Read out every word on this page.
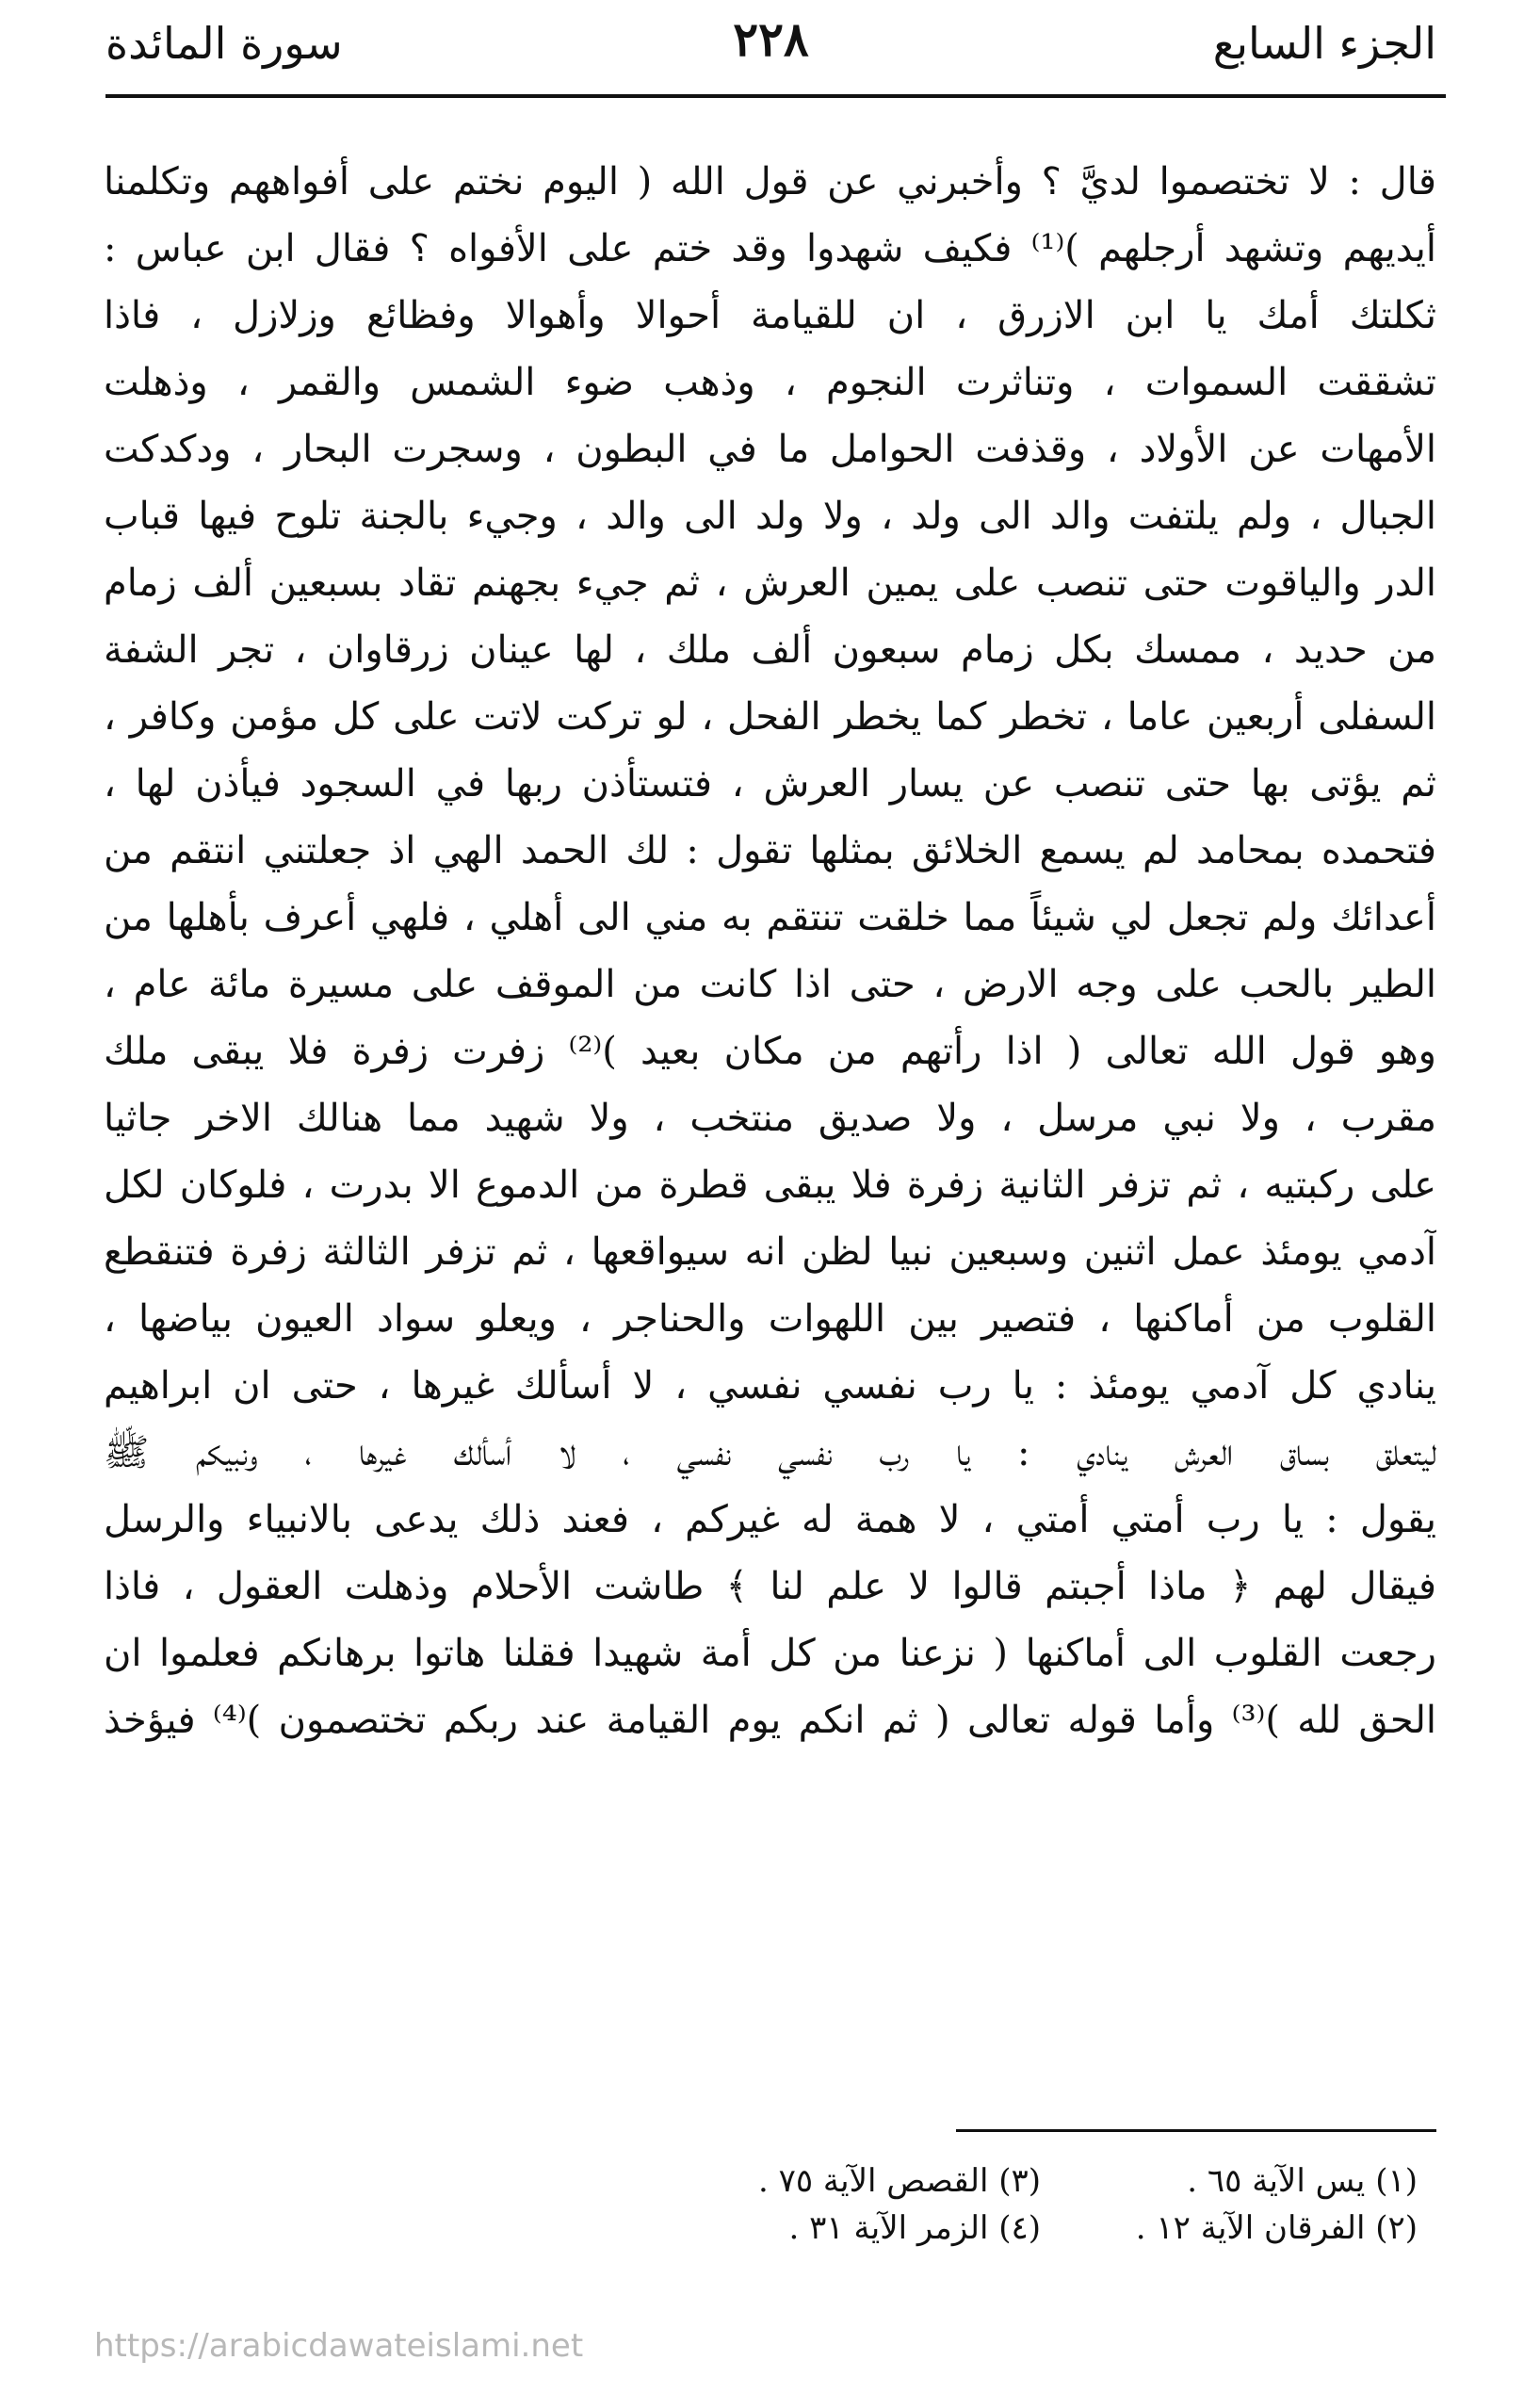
الجزء السابع
٢٢٨
سورة المائدة
قال : لا تختصموا لديَّ ؟ وأخبرني عن قول الله ( اليوم نختم على أفواههم وتكلمنا
أيديهم وتشهد أرجلهم )⁽¹⁾ فكيف شهدوا وقد ختم على الأفواه ؟ فقال ابن عباس :
ثكلتك أمك يا ابن الازرق ، ان للقيامة أحوالا وأهوالا وفظائع وزلازل ، فاذا
تشققت السموات ، وتناثرت النجوم ، وذهب ضوء الشمس والقمر ، وذهلت
الأمهات عن الأولاد ، وقذفت الحوامل ما في البطون ، وسجرت البحار ، ودكدكت
الجبال ، ولم يلتفت والد الى ولد ، ولا ولد الى والد ، وجيء بالجنة تلوح فيها قباب
الدر والياقوت حتى تنصب على يمين العرش ، ثم جيء بجهنم تقاد بسبعين ألف زمام
من حديد ، ممسك بكل زمام سبعون ألف ملك ، لها عينان زرقاوان ، تجر الشفة
السفلى أربعين عاما ، تخطر كما يخطر الفحل ، لو تركت لاتت على كل مؤمن وكافر ،
ثم يؤتى بها حتى تنصب عن يسار العرش ، فتستأذن ربها في السجود فيأذن لها ،
فتحمده بمحامد لم يسمع الخلائق بمثلها تقول : لك الحمد الهي اذ جعلتني انتقم من
أعدائك ولم تجعل لي شيئاً مما خلقت تنتقم به مني الى أهلي ، فلهي أعرف بأهلها من
الطير بالحب على وجه الارض ، حتى اذا كانت من الموقف على مسيرة مائة عام ،
وهو قول الله تعالى ( اذا رأتهم من مكان بعيد )⁽²⁾ زفرت زفرة فلا يبقى ملك
مقرب ، ولا نبي مرسل ، ولا صديق منتخب ، ولا شهيد مما هنالك الاخر جاثيا
على ركبتيه ، ثم تزفر الثانية زفرة فلا يبقى قطرة من الدموع الا بدرت ، فلوكان لكل
آدمي يومئذ عمل اثنين وسبعين نبيا لظن انه سيواقعها ، ثم تزفر الثالثة زفرة فتنقطع
القلوب من أماكنها ، فتصير بين اللهوات والحناجر ، ويعلو سواد العيون بياضها ،
ينادي كل آدمي يومئذ : يا رب نفسي نفسي ، لا أسألك غيرها ، حتى ان ابراهيم
ليتعلق بساق العرش ينادي : يا رب نفسي نفسي ، لا أسألك غيرها ، ونبيكم ﷺ
يقول : يا رب أمتي أمتي ، لا همة له غيركم ، فعند ذلك يدعى بالانبياء والرسل
فيقال لهم ﴿ ماذا أجبتم قالوا لا علم لنا ﴾ طاشت الأحلام وذهلت العقول ، فاذا
رجعت القلوب الى أماكنها ( نزعنا من كل أمة شهيدا فقلنا هاتوا برهانكم فعلموا ان
الحق لله )⁽³⁾ وأما قوله تعالى ( ثم انكم يوم القيامة عند ربكم تختصمون )⁽⁴⁾ فيؤخذ
(١) يس الآية ٦٥ .
(٣) القصص الآية ٧٥ .
(٢) الفرقان الآية ١٢ .
(٤) الزمر الآية ٣١ .
https://arabicdawateislami.net
